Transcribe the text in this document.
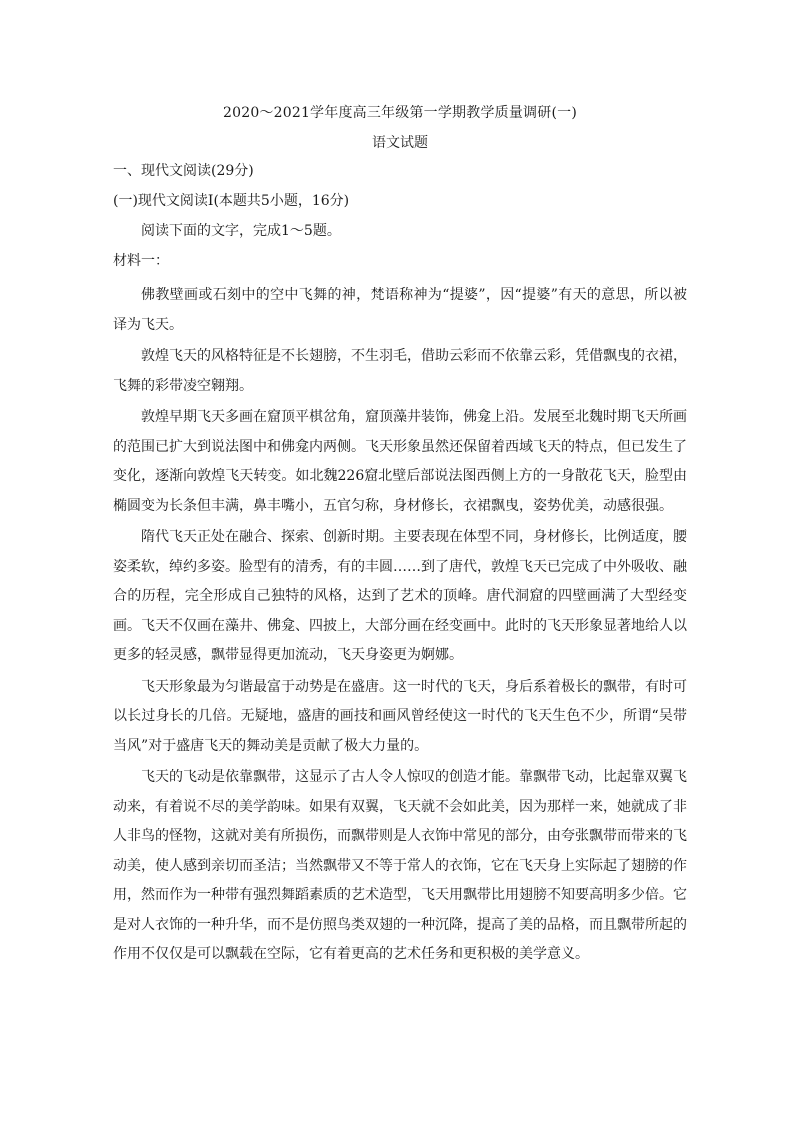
2020～2021学年度高三年级第一学期教学质量调研(一)
语文试题
一、现代文阅读(29分)
(一)现代文阅读Ⅰ(本题共5小题，16分)
阅读下面的文字，完成1～5题。
材料一：

佛教壁画或石刻中的空中飞舞的神，梵语称神为“提婆”，因“提婆”有天的意思，所以被译为飞天。

敦煌飞天的风格特征是不长翅膀，不生羽毛，借助云彩而不依靠云彩，凭借飘曳的衣裙，飞舞的彩带凌空翱翔。

敦煌早期飞天多画在窟顶平棋岔角，窟顶藻井装饰，佛龛上沿。发展至北魏时期飞天所画的范围已扩大到说法图中和佛龛内两侧。飞天形象虽然还保留着西域飞天的特点，但已发生了变化，逐渐向敦煌飞天转变。如北魏226窟北壁后部说法图西侧上方的一身散花飞天，脸型由椭圆变为长条但丰满，鼻丰嘴小，五官匀称，身材修长，衣裙飘曳，姿势优美，动感很强。

隋代飞天正处在融合、探索、创新时期。主要表现在体型不同，身材修长，比例适度，腰姿柔软，绰约多姿。脸型有的清秀，有的丰圆……到了唐代，敦煌飞天已完成了中外吸收、融合的历程，完全形成自己独特的风格，达到了艺术的顶峰。唐代洞窟的四壁画满了大型经变画。飞天不仅画在藻井、佛龛、四披上，大部分画在经变画中。此时的飞天形象显著地给人以更多的轻灵感，飘带显得更加流动，飞天身姿更为婀娜。

飞天形象最为匀谐最富于动势是在盛唐。这一时代的飞天，身后系着极长的飘带，有时可以长过身长的几倍。无疑地，盛唐的画技和画风曾经使这一时代的飞天生色不少，所谓“吴带当风”对于盛唐飞天的舞动美是贡献了极大力量的。

飞天的飞动是依靠飘带，这显示了古人令人惊叹的创造才能。靠飘带飞动，比起靠双翼飞动来，有着说不尽的美学韵味。如果有双翼，飞天就不会如此美，因为那样一来，她就成了非人非鸟的怪物，这就对美有所损伤，而飘带则是人衣饰中常见的部分，由夸张飘带而带来的飞动美，使人感到亲切而圣洁；当然飘带又不等于常人的衣饰，它在飞天身上实际起了翅膀的作用，然而作为一种带有强烈舞蹈素质的艺术造型，飞天用飘带比用翅膀不知要高明多少倍。它是对人衣饰的一种升华，而不是仿照鸟类双翅的一种沉降，提高了美的品格，而且飘带所起的作用不仅仅是可以飘载在空际，它有着更高的艺术任务和更积极的美学意义。
